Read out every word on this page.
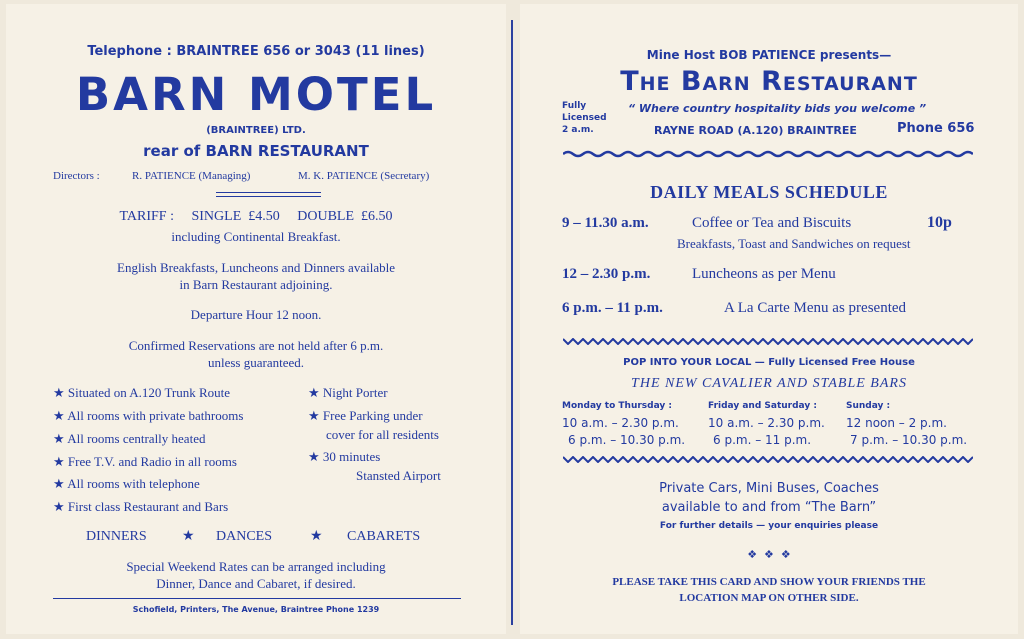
Telephone : BRAINTREE 656 or 3043 (11 lines)
BARN MOTEL
(BRAINTREE) LTD.
rear of BARN RESTAURANT
Directors :	R. PATIENCE (Managing)	M. K. PATIENCE (Secretary)
TARIFF :     SINGLE  £4.50     DOUBLE  £6.50
including Continental Breakfast.
English Breakfasts, Luncheons and Dinners available
in Barn Restaurant adjoining.
Departure Hour 12 noon.
Confirmed Reservations are not held after 6 p.m.
unless guaranteed.
★ Situated on A.120 Trunk Route
★ All rooms with private bathrooms
★ All rooms centrally heated
★ Free T.V. and Radio in all rooms
★ All rooms with telephone
★ First class Restaurant and Bars
★ Night Porter
★ Free Parking under
cover for all residents
★ 30 minutes
Stansted Airport
DINNERS	★ DANCES	★ CABARETS
Special Weekend Rates can be arranged including
Dinner, Dance and Cabaret, if desired.
Schofield, Printers, The Avenue, Braintree Phone 1239
Mine Host BOB PATIENCE presents—
The Barn Restaurant
Fully
Licensed
2 a.m.
“ Where country hospitality bids you welcome ”
RAYNE ROAD (A.120) BRAINTREE	Phone 656
DAILY MEALS SCHEDULE
9 – 11.30 a.m.	Coffee or Tea and Biscuits	10p
Breakfasts, Toast and Sandwiches on request
12 – 2.30 p.m.	Luncheons as per Menu
6 p.m. – 11 p.m.	A La Carte Menu as presented
POP INTO YOUR LOCAL — Fully Licensed Free House
THE NEW CAVALIER AND STABLE BARS
Monday to Thursday :
10 a.m. – 2.30 p.m.
6 p.m. – 10.30 p.m.
Friday and Saturday :
10 a.m. – 2.30 p.m.
6 p.m. – 11 p.m.
Sunday :
12 noon – 2 p.m.
7 p.m. – 10.30 p.m.
Private Cars, Mini Buses, Coaches
available to and from “The Barn”
For further details — your enquiries please
❖  ❖  ❖
PLEASE TAKE THIS CARD AND SHOW YOUR FRIENDS THE
LOCATION MAP ON OTHER SIDE.
